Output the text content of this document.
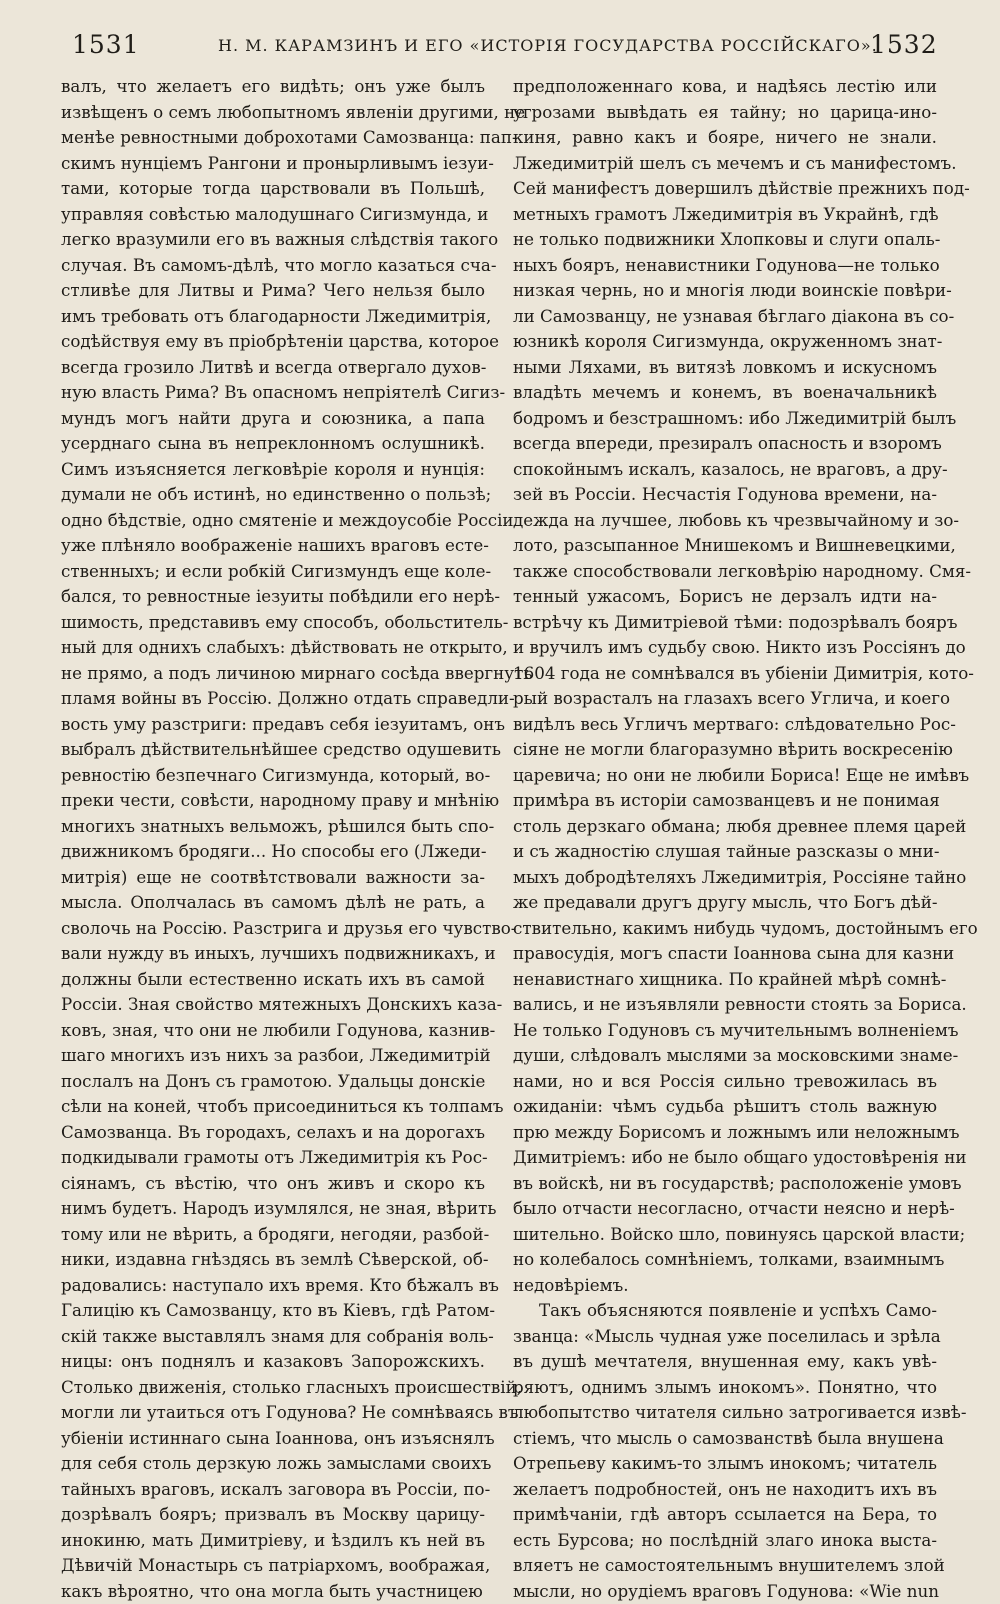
1531	Н. М. КАРАМЗИНЪ И ЕГО «ИСТОРІЯ ГОСУДАРСТВА РОССІЙСКАГО».
1532
валъ, что желаетъ его видѣть; онъ уже былъ
извѣщенъ о семъ любопытномъ явленіи другими, не
менѣе ревностными доброхотами Самозванца: пап-
скимъ нунціемъ Рангони и пронырливымъ іезуи-
тами, которые тогда царствовали въ Польшѣ,
управляя совѣстью малодушнаго Сигизмунда, и
легко вразумили его въ важныя слѣдствія такого
случая. Въ самомъ-дѣлѣ, что могло казаться сча-
стливѣе для Литвы и Рима? Чего нельзя было
имъ требовать отъ благодарности Лжедимитрія,
содѣйствуя ему въ пріобрѣтеніи царства, которое
всегда грозило Литвѣ и всегда отвергало духов-
ную власть Рима? Въ опасномъ непріятелѣ Сигиз-
мундъ могъ найти друга и союзника, а папа
усерднаго сына въ непреклонномъ ослушникѣ.
Симъ изъясняется легковѣріе короля и нунція:
думали не объ истинѣ, но единственно о пользѣ;
одно бѣдствіе, одно смятеніе и междоусобіе Россіи
уже плѣняло воображеніе нашихъ враговъ есте-
ственныхъ; и если робкій Сигизмундъ еще коле-
бался, то ревностные іезуиты побѣдили его нерѣ-
шимость, представивъ ему способъ, обольститель-
ный для однихъ слабыхъ: дѣйствовать не открыто,
не прямо, а подъ личиною мирнаго сосѣда ввергнуть
пламя войны въ Россію. Должно отдать справедли-
вость уму разстриги: предавъ себя іезуитамъ, онъ
выбралъ дѣйствительнѣйшее средство одушевить
ревностію безпечнаго Сигизмунда, который, во-
преки чести, совѣсти, народному праву и мнѣнію
многихъ знатныхъ вельможъ, рѣшился быть спо-
движникомъ бродяги... Но способы его (Лжеди-
митрія) еще не соотвѣтствовали важности за-
мысла. Ополчалась въ самомъ дѣлѣ не рать, а
сволочь на Россію. Разстрига и друзья его чувство-
вали нужду въ иныхъ, лучшихъ подвижникахъ, и
должны были естественно искать ихъ въ самой
Россіи. Зная свойство мятежныхъ Донскихъ каза-
ковъ, зная, что они не любили Годунова, казнив-
шаго многихъ изъ нихъ за разбои, Лжедимитрій
послалъ на Донъ съ грамотою. Удальцы донскіе
сѣли на коней, чтобъ присоединиться къ толпамъ
Самозванца. Въ городахъ, селахъ и на дорогахъ
подкидывали грамоты отъ Лжедимитрія къ Рос-
сіянамъ, съ вѣстію, что онъ живъ и скоро къ
нимъ будетъ. Народъ изумлялся, не зная, вѣрить
тому или не вѣрить, а бродяги, негодяи, разбой-
ники, издавна гнѣздясь въ землѣ Сѣверской, об-
радовались: наступало ихъ время. Кто бѣжалъ въ
Галицію къ Самозванцу, кто въ Кіевъ, гдѣ Ратом-
скій также выставлялъ знамя для собранія воль-
ницы: онъ поднялъ и казаковъ Запорожскихъ.
Столько движенія, столько гласныхъ происшествій,
могли ли утаиться отъ Годунова? Не сомнѣваясь въ
убіеніи истиннаго сына Іоаннова, онъ изъяснялъ
для себя столь дерзкую ложь замыслами своихъ
тайныхъ враговъ, искалъ заговора въ Россіи, по-
дозрѣвалъ бояръ; призвалъ въ Москву царицу-
инокиню, мать Димитріеву, и ѣздилъ къ ней въ
Дѣвичій Монастырь съ патріархомъ, воображая,
какъ вѣроятно, что она могла быть участницею
предположеннаго кова, и надѣясь лестію или
угрозами вывѣдать ея тайну; но царица-ино-
киня, равно какъ и бояре, ничего не знали.
Лжедимитрій шелъ съ мечемъ и съ манифестомъ.
Сей манифестъ довершилъ дѣйствіе прежнихъ под-
метныхъ грамотъ Лжедимитрія въ Украйнѣ, гдѣ
не только подвижники Хлопковы и слуги опаль-
ныхъ бояръ, ненавистники Годунова—не только
низкая чернь, но и многія люди воинскіе повѣри-
ли Самозванцу, не узнавая бѣглаго діакона въ со-
юзникѣ короля Сигизмунда, окруженномъ знат-
ными Ляхами, въ витязѣ ловкомъ и искусномъ
владѣть мечемъ и конемъ, въ военачальникѣ
бодромъ и безстрашномъ: ибо Лжедимитрій былъ
всегда впереди, презиралъ опасность и взоромъ
спокойнымъ искалъ, казалось, не враговъ, а дру-
зей въ Россіи. Несчастія Годунова времени, на-
дежда на лучшее, любовь къ чрезвычайному и зо-
лото, разсыпанное Мнишекомъ и Вишневецкими,
также способствовали легковѣрію народному. Смя-
тенный ужасомъ, Борисъ не дерзалъ идти на-
встрѣчу къ Димитріевой тѣми: подозрѣвалъ бояръ
и вручилъ имъ судьбу свою. Никто изъ Россіянъ до
1604 года не сомнѣвался въ убіеніи Димитрія, кото-
рый возрасталъ на глазахъ всего Углича, и коего
видѣлъ весь Угличъ мертваго: слѣдовательно Рос-
сіяне не могли благоразумно вѣрить воскресенію
царевича; но они не любили Бориса! Еще не имѣвъ
примѣра въ исторіи самозванцевъ и не понимая
столь дерзкаго обмана; любя древнее племя царей
и съ жадностію слушая тайные разсказы о мни-
мыхъ добродѣтеляхъ Лжедимитрія, Россіяне тайно
же предавали другъ другу мысль, что Богъ дѣй-
ствительно, какимъ нибудь чудомъ, достойнымъ его
правосудія, могъ спасти Іоаннова сына для казни
ненавистнаго хищника. По крайней мѣрѣ сомнѣ-
вались, и не изъявляли ревности стоять за Бориса.
Не только Годуновъ съ мучительнымъ волненіемъ
души, слѣдовалъ мыслями за московскими знаме-
нами, но и вся Россія сильно тревожилась въ
ожиданіи: чѣмъ судьба рѣшитъ столь важную
прю между Борисомъ и ложнымъ или неложнымъ
Димитріемъ: ибо не было общаго удостовѣренія ни
въ войскѣ, ни въ государствѣ; расположеніе умовъ
было отчасти несогласно, отчасти неясно и нерѣ-
шительно. Войско шло, повинуясь царской власти;
но колебалось сомнѣніемъ, толками, взаимнымъ
недовѣріемъ.
Такъ объясняются появленіе и успѣхъ Само-
званца: «Мысль чудная уже поселилась и зрѣла
въ душѣ мечтателя, внушенная ему, какъ увѣ-
ряютъ, однимъ злымъ инокомъ». Понятно, что
любопытство читателя сильно затрогивается извѣ-
стіемъ, что мысль о самозванствѣ была внушена
Отрепьеву какимъ-то злымъ инокомъ; читатель
желаетъ подробностей, онъ не находитъ ихъ въ
примѣчаніи, гдѣ авторъ ссылается на Бера, то
есть Бурсова; но послѣдній злаго инока выста-
вляетъ не самостоятельнымъ внушителемъ злой
мысли, но орудіемъ враговъ Годунова: «Wie nun
